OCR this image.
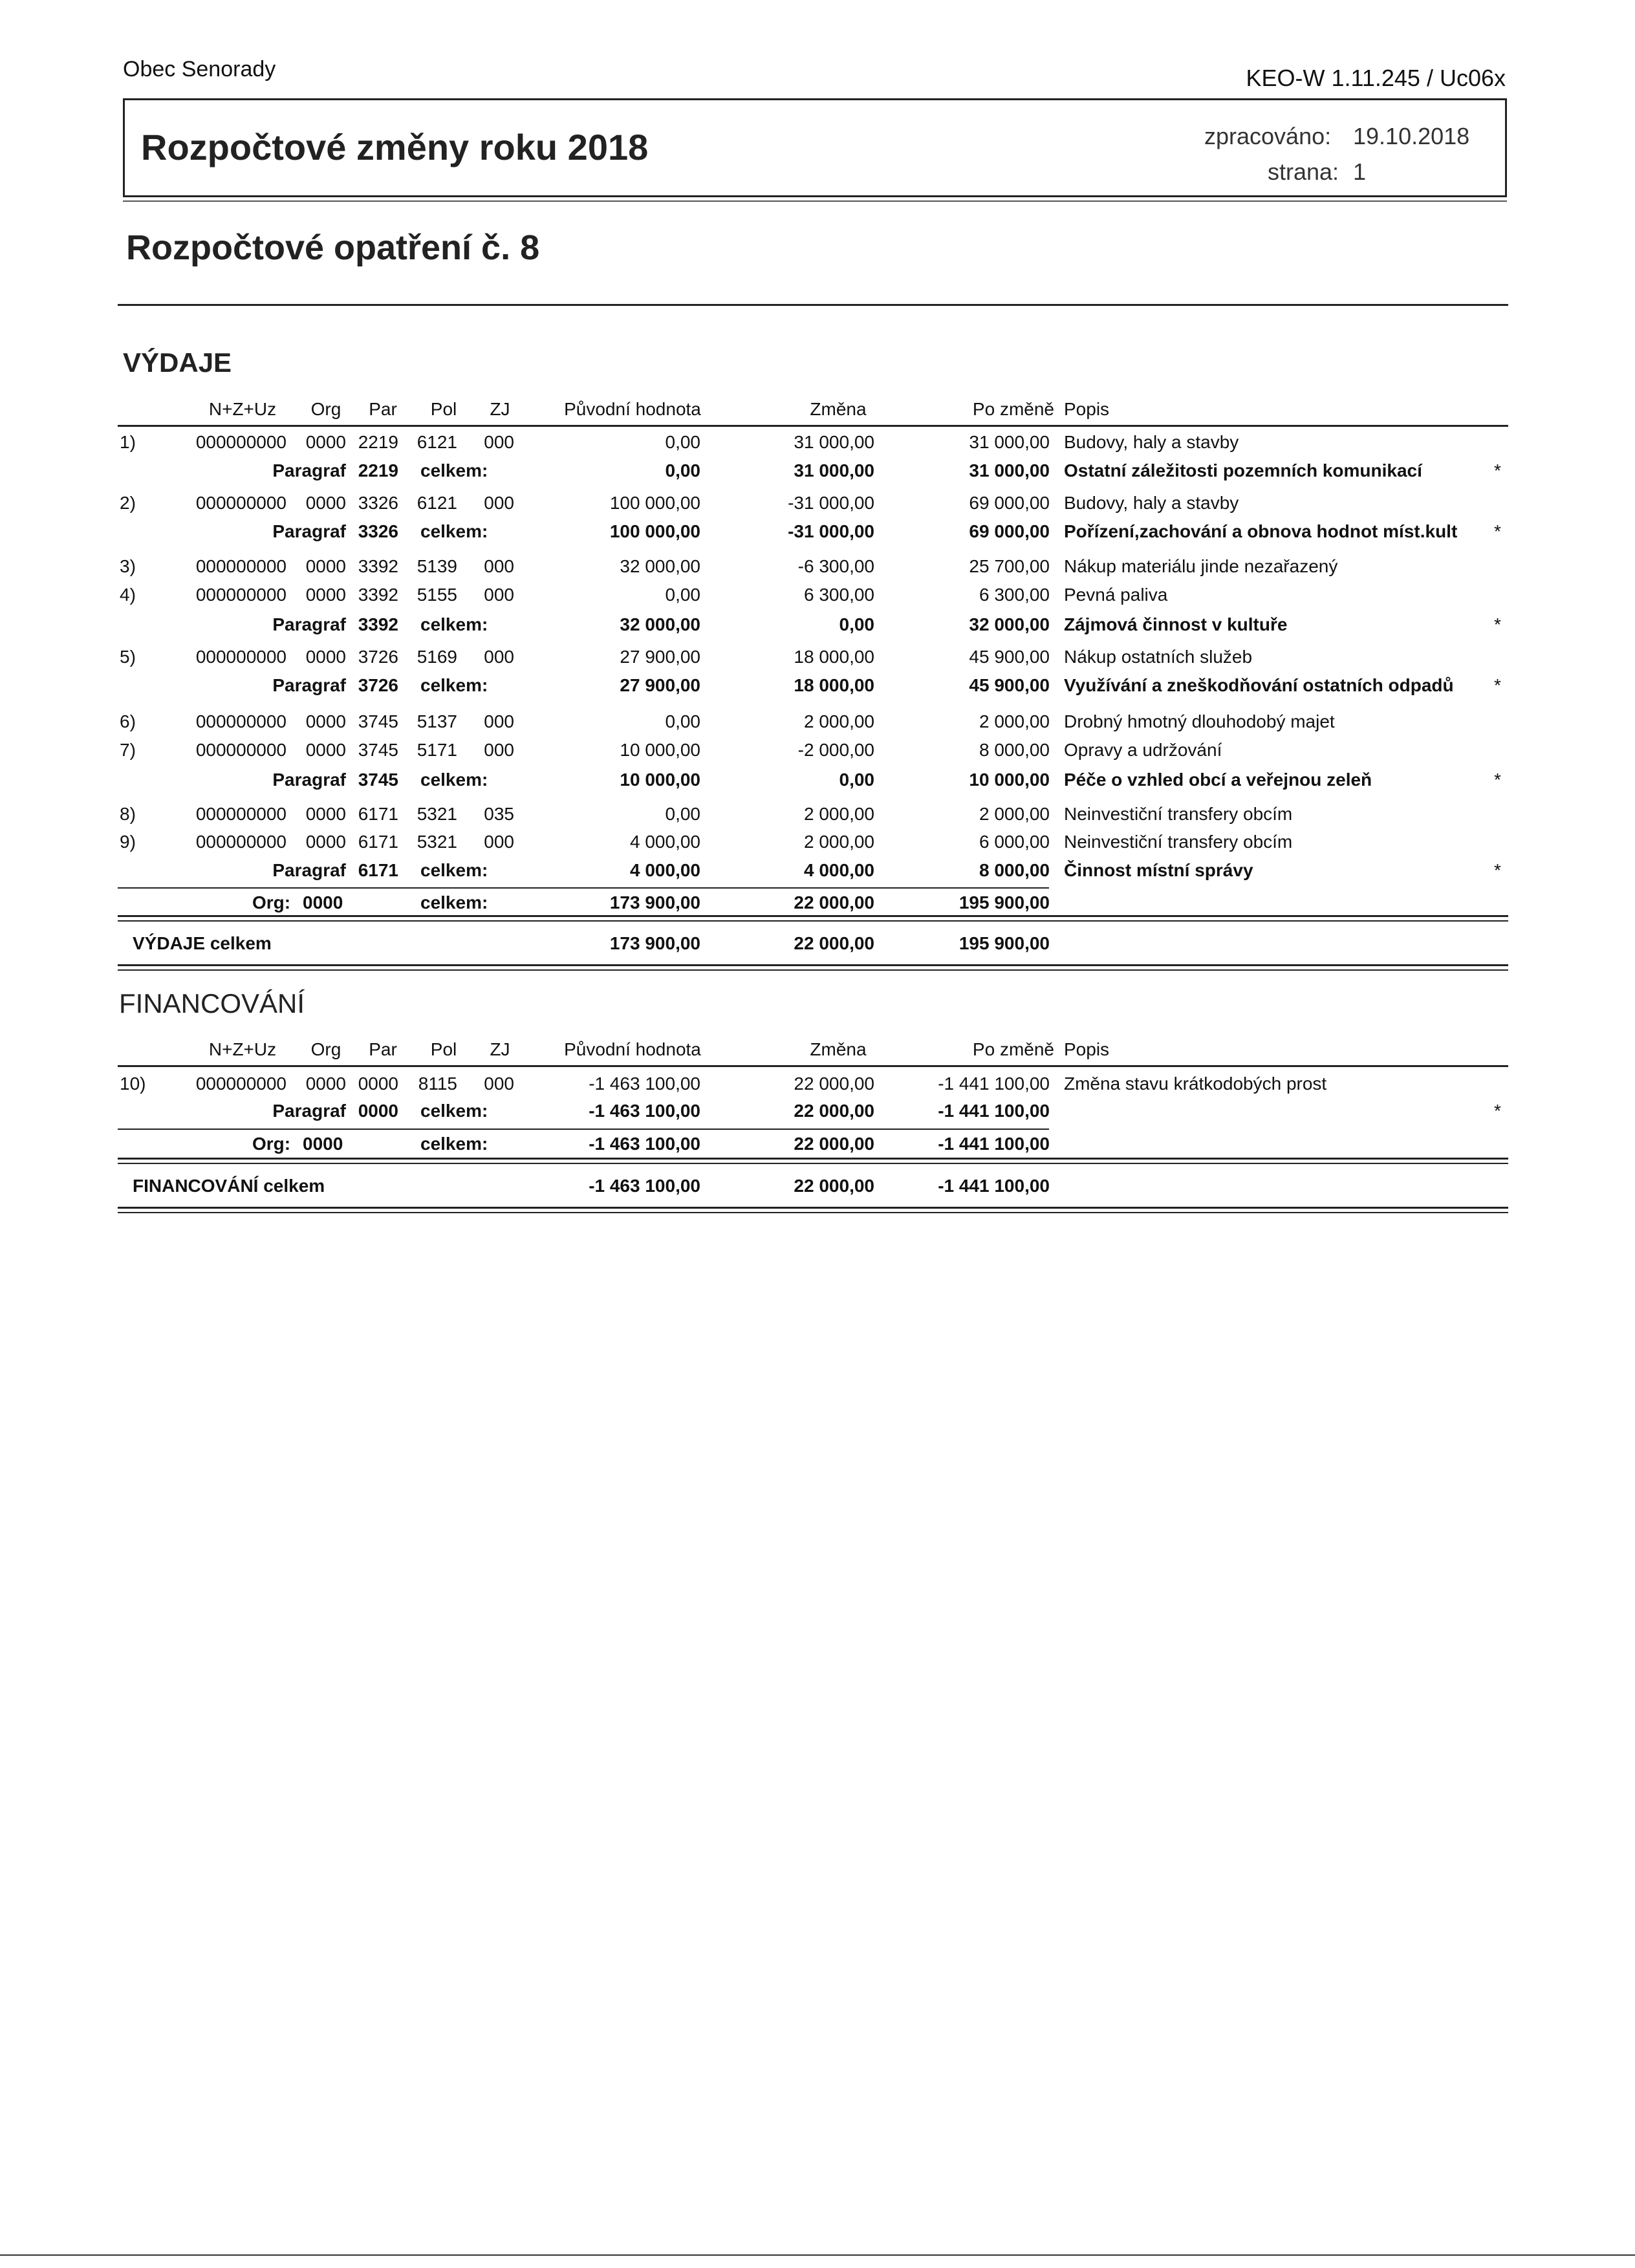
Obec Senorady	KEO-W 1.11.245 / Uc06x
Rozpočtové změny roku 2018	zpracováno: 19.10.2018
strana: 1
Rozpočtové opatření č. 8
VÝDAJE
N+Z+Uz Org Par Pol ZJ	Původní hodnota	Změna	Po změně Popis
1)	000000000 0000 2219 6121 000	0,00	31 000,00	31 000,00 Budovy, haly a stavby
Paragraf 2219 celkem:	0,00	31 000,00	31 000,00 Ostatní záležitosti pozemních komunikací	*
2)	000000000 0000 3326 6121 000	100 000,00	-31 000,00	69 000,00 Budovy, haly a stavby
Paragraf 3326 celkem:	100 000,00	-31 000,00	69 000,00 Pořízení,zachování a obnova hodnot míst.kult *
3)	000000000 0000 3392 5139 000	32 000,00	-6 300,00	25 700,00 Nákup materiálu jinde nezařazený
4)	000000000 0000 3392 5155 000	0,00	6 300,00	6 300,00 Pevná paliva
Paragraf 3392 celkem:	32 000,00	0,00	32 000,00 Zájmová činnost v kultuře	*
5)	000000000 0000 3726 5169 000	27 900,00	18 000,00	45 900,00 Nákup ostatních služeb
Paragraf 3726 celkem:	27 900,00	18 000,00	45 900,00 Využívání a zneškodňování ostatních odpadů *
6)	000000000 0000 3745 5137 000	0,00	2 000,00	2 000,00 Drobný hmotný dlouhodobý majet
7)	000000000 0000 3745 5171 000	10 000,00	-2 000,00	8 000,00 Opravy a udržování
Paragraf 3745 celkem:	10 000,00	0,00	10 000,00 Péče o vzhled obcí a veřejnou zeleň	*
8)	000000000 0000 6171 5321 035	0,00	2 000,00	2 000,00 Neinvestiční transfery obcím
9)	000000000 0000 6171 5321 000	4 000,00	2 000,00	6 000,00 Neinvestiční transfery obcím
Paragraf 6171 celkem:	4 000,00	4 000,00	8 000,00 Činnost místní správy	*
Org: 0000	celkem:	173 900,00	22 000,00	195 900,00
VÝDAJE celkem	173 900,00	22 000,00	195 900,00
FINANCOVÁNÍ
N+Z+Uz Org Par Pol ZJ	Původní hodnota	Změna	Po změně Popis
10)	000000000 0000 0000 8115 000	-1 463 100,00	22 000,00	-1 441 100,00 Změna stavu krátkodobých prost
Paragraf 0000 celkem:	-1 463 100,00	22 000,00	-1 441 100,00	*
Org: 0000	celkem:	-1 463 100,00	22 000,00	-1 441 100,00
FINANCOVÁNÍ celkem	-1 463 100,00	22 000,00	-1 441 100,00
